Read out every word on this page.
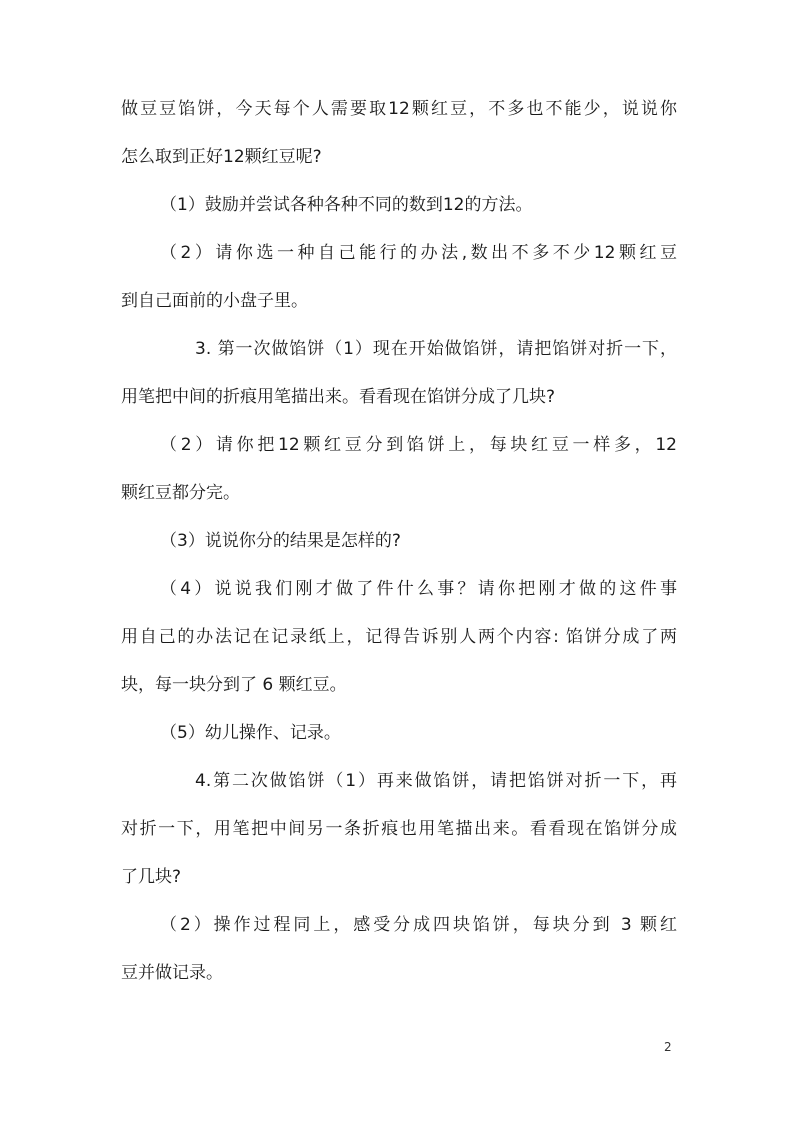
做豆豆馅饼，今天每个人需要取12颗红豆，不多也不能少，说说你
怎么取到正好12颗红豆呢?
（1）鼓励并尝试各种各种不同的数到12的方法。
（2）请你选一种自己能行的办法,数出不多不少12颗红豆
到自己面前的小盘子里。
3. 第一次做馅饼（1）现在开始做馅饼，请把馅饼对折一下，
用笔把中间的折痕用笔描出来。看看现在馅饼分成了几块?
（2）请你把12颗红豆分到馅饼上，每块红豆一样多，12
颗红豆都分完。
（3）说说你分的结果是怎样的?
（4）说说我们刚才做了件什么事？请你把刚才做的这件事
用自己的办法记在记录纸上，记得告诉别人两个内容: 馅饼分成了两
块，每一块分到了 6 颗红豆。
（5）幼儿操作、记录。
4.第二次做馅饼（1）再来做馅饼，请把馅饼对折一下，再
对折一下，用笔把中间另一条折痕也用笔描出来。看看现在馅饼分成
了几块?
（2）操作过程同上，感受分成四块馅饼，每块分到 3 颗红
豆并做记录。
2
